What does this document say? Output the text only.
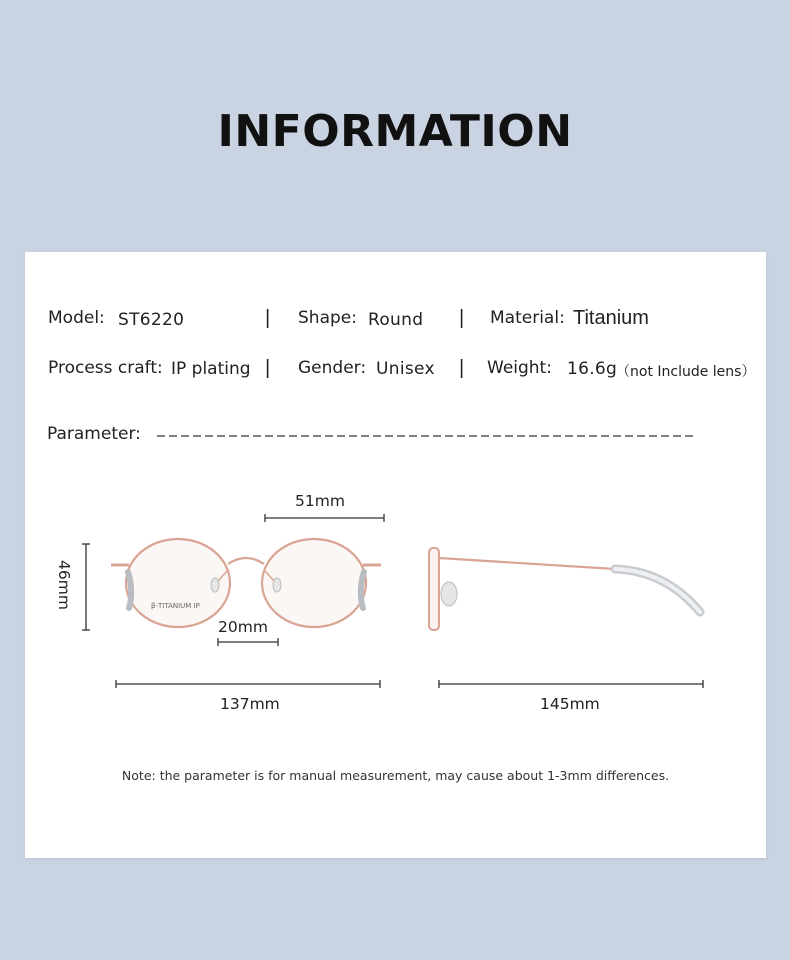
INFORMATION
Model: ST6220	| Shape: Round | Material: Titanium
Process craft: IP plating | Gender: Unisex | Weight: 16.6g
（not Include lens）
Parameter:
β-TITANIUM IP
51mm
46mm
20mm
137mm	145mm
Note: the parameter is for manual measurement, may cause about 1-3mm differences.
